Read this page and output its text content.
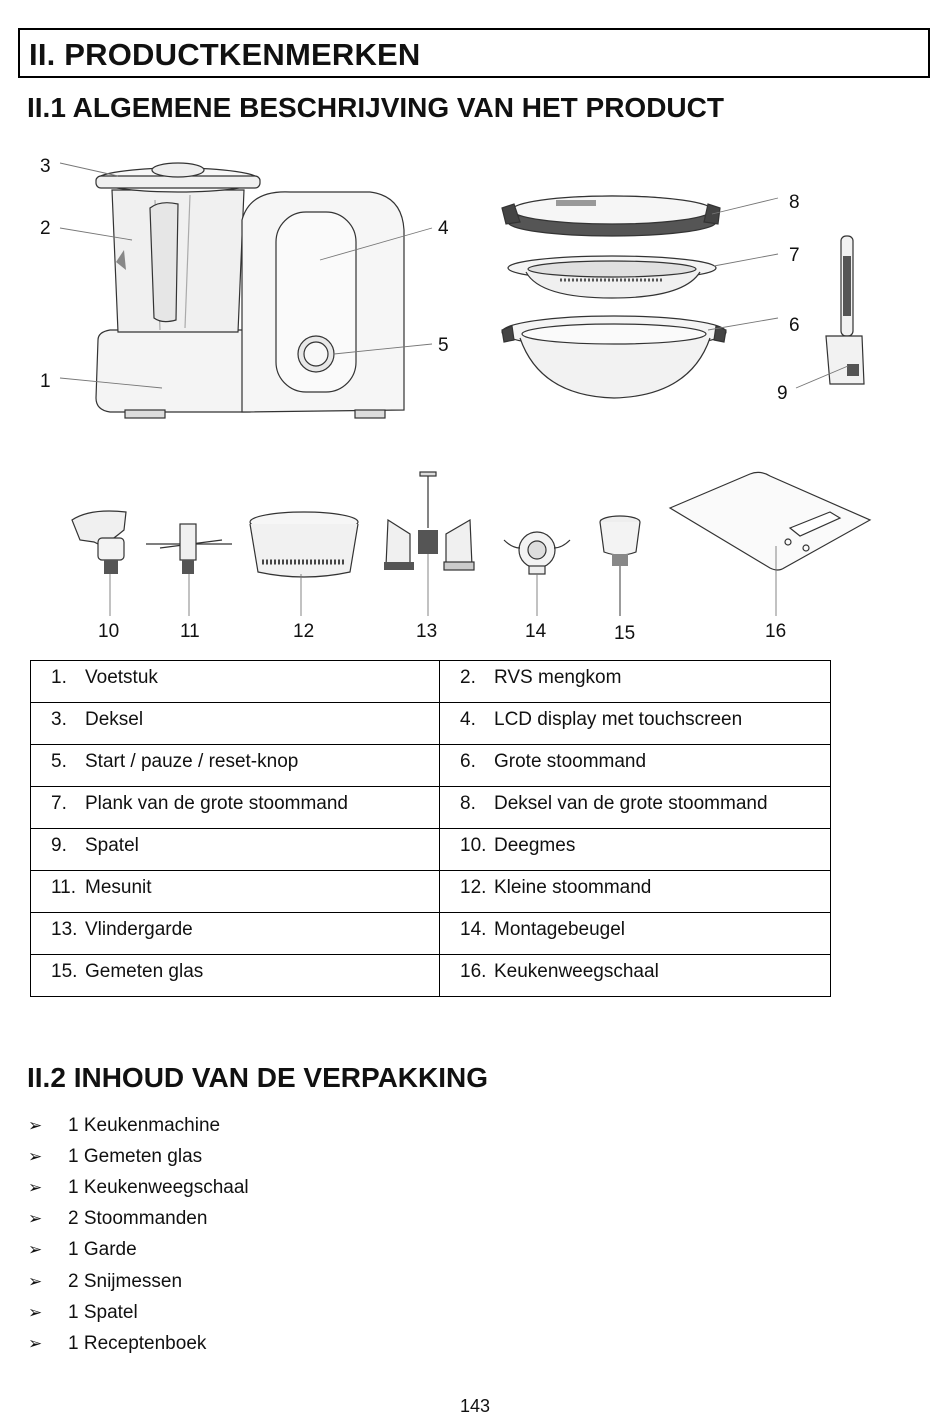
II. PRODUCTKENMERKEN
II.1 ALGEMENE BESCHRIJVING VAN HET PRODUCT
3
2
1
4
5
8
7
6
9
10	11	12	13	14	15	16
1. Voetstuk	2. RVS mengkom

3. Deksel	4. LCD display met touchscreen

5. Start / pauze / reset-knop	6. Grote stoommand

7. Plank van de grote stoommand	8. Deksel van de grote stoommand

9. Spatel	10. Deegmes

11. Mesunit	12. Kleine stoommand

13. Vlindergarde	14. Montagebeugel

15. Gemeten glas	16. Keukenweegschaal
II.2 INHOUD VAN DE VERPAKKING
➢	1 Keukenmachine
➢	1 Gemeten glas
➢	1 Keukenweegschaal
➢	2 Stoommanden
➢	1 Garde
➢	2 Snijmessen
➢	1 Spatel
➢	1 Receptenboek
143
